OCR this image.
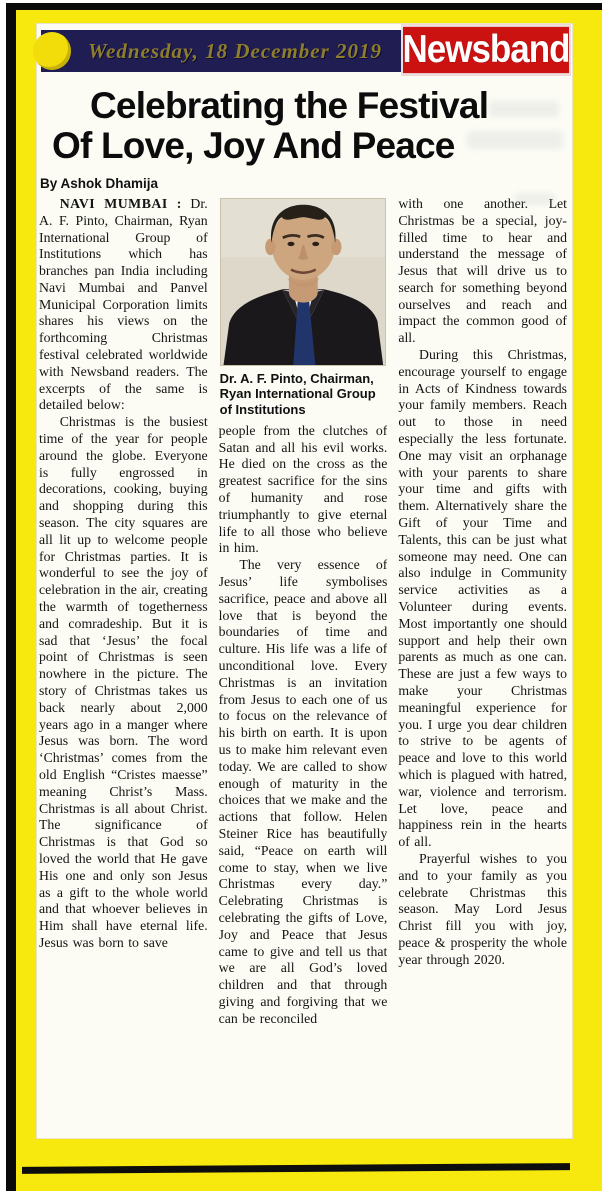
Wednesday, 18 December 2019 Newsband
Celebrating the Festival
Of Love, Joy And Peace
By Ashok Dhamija

NAVI MUMBAI : Dr. A. F. Pinto, Chairman, Ryan International Group of Institutions which has branches pan India including Navi Mumbai and Panvel Municipal Corporation limits shares his views on the forthcoming Christmas festival celebrated worldwide with Newsband readers. The excerpts of the same is detailed below:

Christmas is the busiest time of the year for people around the globe. Everyone is fully engrossed in decorations, cooking, buying and shopping during this season. The city squares are all lit up to welcome people for Christmas parties. It is wonderful to see the joy of celebration in the air, creating the warmth of togetherness and comradeship. But it is sad that ‘Jesus’ the focal point of Christmas is seen nowhere in the picture. The story of Christmas takes us back nearly about 2,000 years ago in a manger where Jesus was born. The word ‘Christmas’ comes from the old English “Cristes maesse” meaning Christ’s Mass. Christmas is all about Christ. The significance of Christmas is that God so loved the world that He gave His one and only son Jesus as a gift to the whole world and that whoever believes in Him shall have eternal life. Jesus was born to save

Dr. A. F. Pinto, Chairman, Ryan International Group of Institutions

people from the clutches of Satan and all his evil works. He died on the cross as the greatest sacrifice for the sins of humanity and rose triumphantly to give eternal life to all those who believe in him.

The very essence of Jesus’ life symbolises sacrifice, peace and above all love that is beyond the boundaries of time and culture. His life was a life of unconditional love. Every Christmas is an invitation from Jesus to each one of us to focus on the relevance of his birth on earth. It is upon us to make him relevant even today. We are called to show enough of maturity in the choices that we make and the actions that follow. Helen Steiner Rice has beautifully said, “Peace on earth will come to stay, when we live Christmas every day.” Celebrating Christmas is celebrating the gifts of Love, Joy and Peace that Jesus came to give and tell us that we are all God’s loved children and that through giving and forgiving that we can be reconciled

with one another. Let Christmas be a special, joy-filled time to hear and understand the message of Jesus that will drive us to search for something beyond ourselves and reach and impact the common good of all.

During this Christmas, encourage yourself to engage in Acts of Kindness towards your family members. Reach out to those in need especially the less fortunate. One may visit an orphanage with your parents to share your time and gifts with them. Alternatively share the Gift of your Time and Talents, this can be just what someone may need. One can also indulge in Community service activities as a Volunteer during events. Most importantly one should support and help their own parents as much as one can. These are just a few ways to make your Christmas meaningful experience for you. I urge you dear children to strive to be agents of peace and love to this world which is plagued with hatred, war, violence and terrorism. Let love, peace and happiness rein in the hearts of all.

Prayerful wishes to you and to your family as you celebrate Christmas this season. May Lord Jesus Christ fill you with joy, peace & prosperity the whole year through 2020.
